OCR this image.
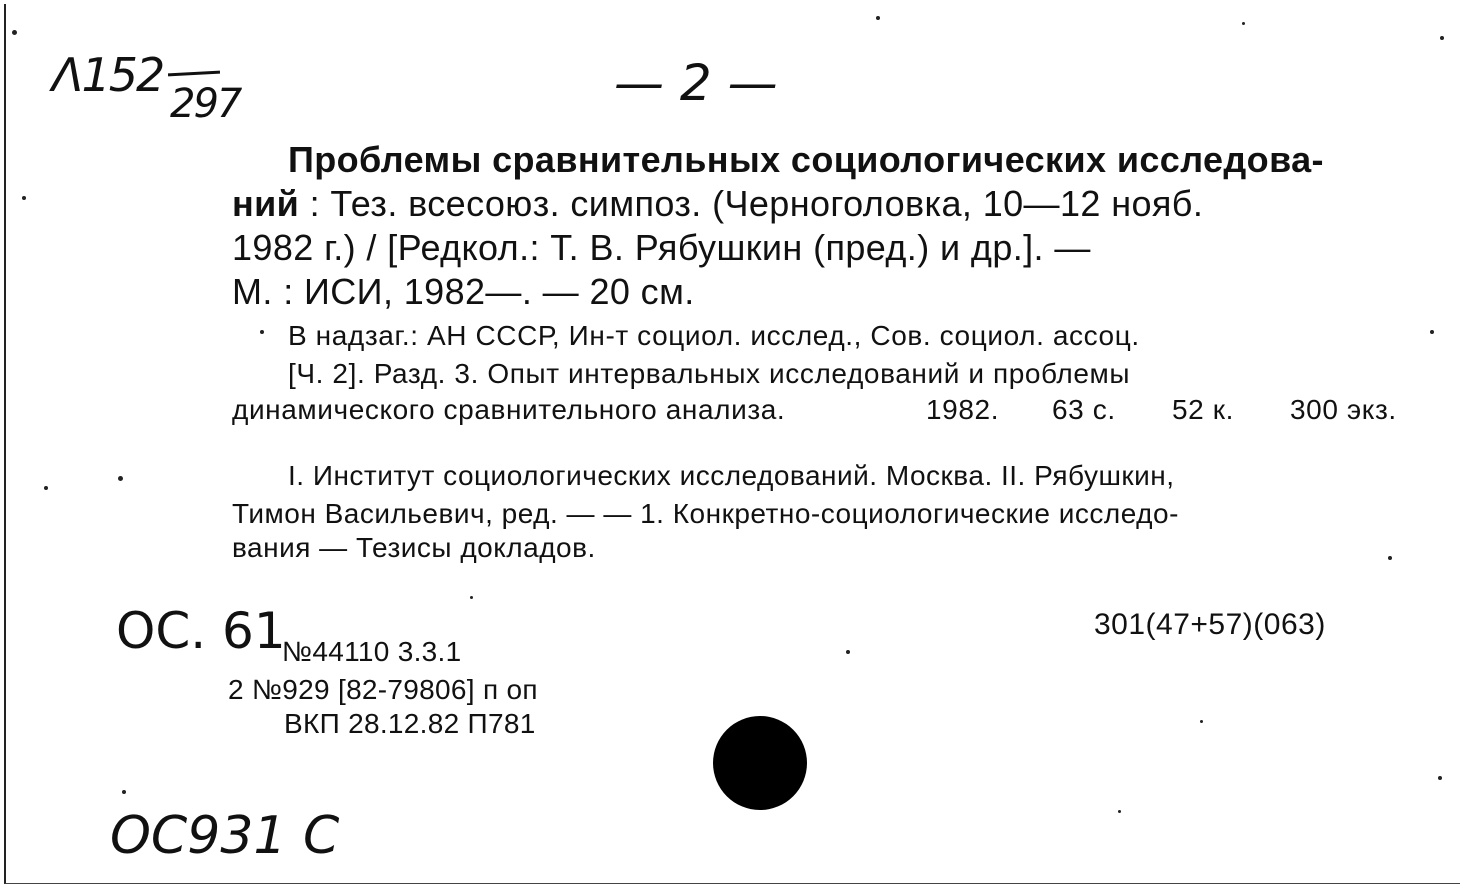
Λ152
297	— 2 —
Проблемы сравнительных социологических исследова-
ний : Тез. всесоюз. симпоз. (Черноголовка, 10—12 нояб.
1982 г.) / [Редкол.: Т. В. Рябушкин (пред.) и др.]. —
М. : ИСИ, 1982—. — 20 см.
В надзаг.: АН СССР, Ин-т социол. исслед., Сов. социол. ассоц.
[Ч. 2]. Разд. 3. Опыт интервальных исследований и проблемы
динамического сравнительного анализа.	1982. 63 с. 52 к. 300 экз.
I. Институт социологических исследований. Москва. II. Рябушкин,
Тимон Васильевич, ред. — — 1. Конкретно-социологические исследо-
вания — Тезисы докладов.
301(47+57)(063)
OC. 61
№44110 3.3.1
2 №929 [82-79806] п оп
ВКП 28.12.82 П781
OC931 C
